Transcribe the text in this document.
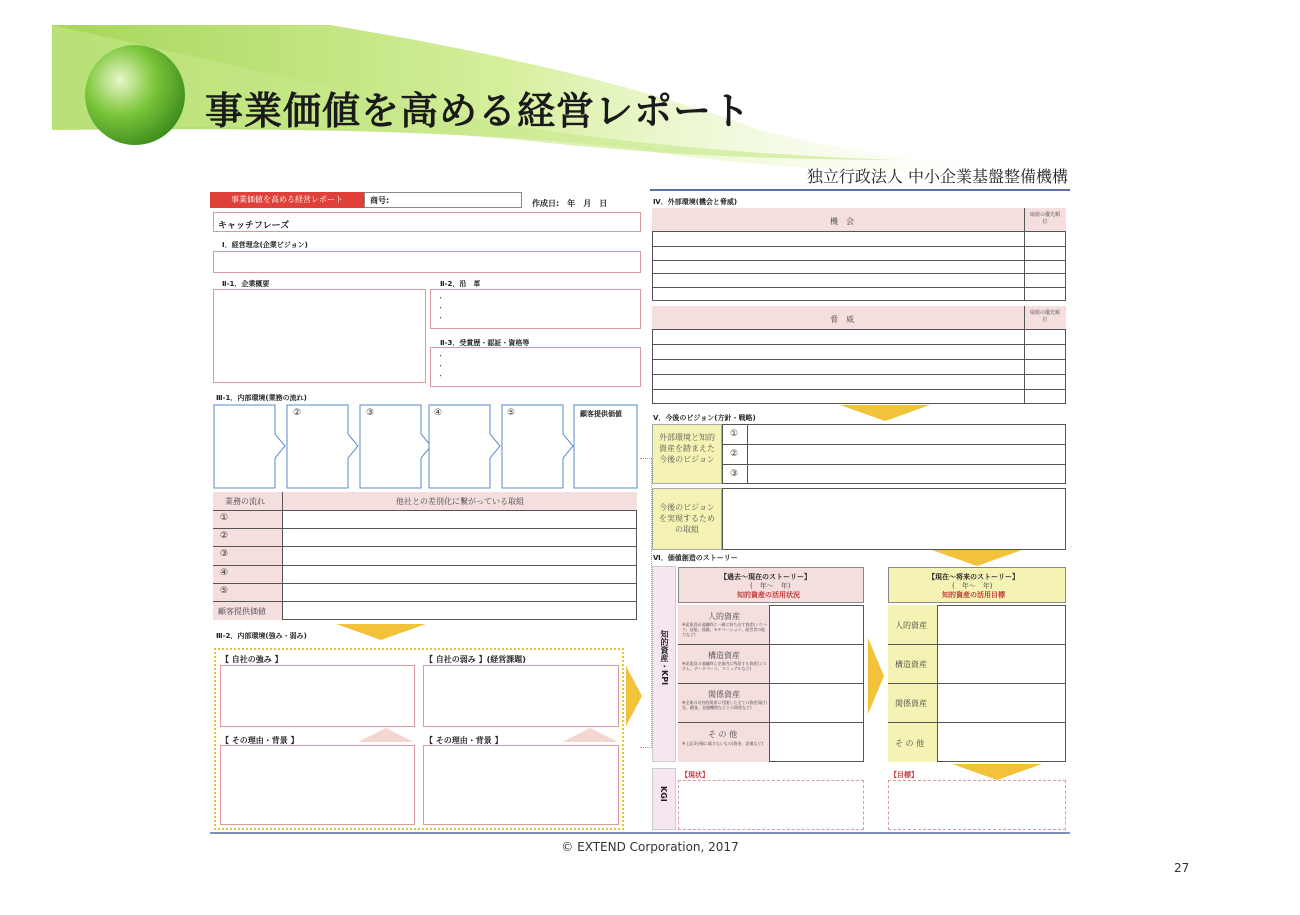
事業価値を高める経営レポート
独立行政法人 中小企業基盤整備機構
事業価値を高める経営レポート	商号:	作成日:　年　月　日
キャッチフレーズ
Ⅰ．経営理念(企業ビジョン)
Ⅱ-1．企業概要	Ⅱ-2．沿　革
・
・
・
Ⅱ-3．受賞歴・認証・資格等
・
・
・
Ⅲ-1．内部環境(業務の流れ)
②	③	④	⑤	顧客提供価値
業務の流れ	他社との差別化に繋がっている取組
①
②
③
④
⑤
顧客提供価値
Ⅲ-2．内部環境(強み・弱み)
【 自社の強み 】	【 自社の弱み 】(経営課題)
【 その理由・背景 】	【 その理由・背景 】
Ⅳ．外部環境(機会と脅威)
機　会
取組の優先順位
脅　威
取組の優先順位
Ⅴ．今後のビジョン(方針・戦略)
外部環境と知的資産を踏まえた今後のビジョン
①
②
③
今後のビジョンを実現するための取組
Ⅵ．価値創造のストーリー
知的資産・KPI
【過去～現在のストーリー】
(　年～　年)
知的資産の活用状況
人的資産
※従業員が退職時に一緒に持ち出す資産(ノウハウ、技能、経験、モチベーション、経営者の能力など)
構造資産
※従業員の退職時に企業内に残留する資産(システム、データベース、マニュアルなど)
関係資産
※企業の対外的関係に付随した全ての資産(取引先、顧客、金融機関などとの関係など)
そ の 他
※上記3分類に属さないもの(資金、設備など)
【現在～将来のストーリー】
(　年～　年)
知的資産の活用目標
人的資産
構造資産
関係資産
そ の 他
KGI
【現状】	【目標】
© EXTEND Corporation, 2017
27
